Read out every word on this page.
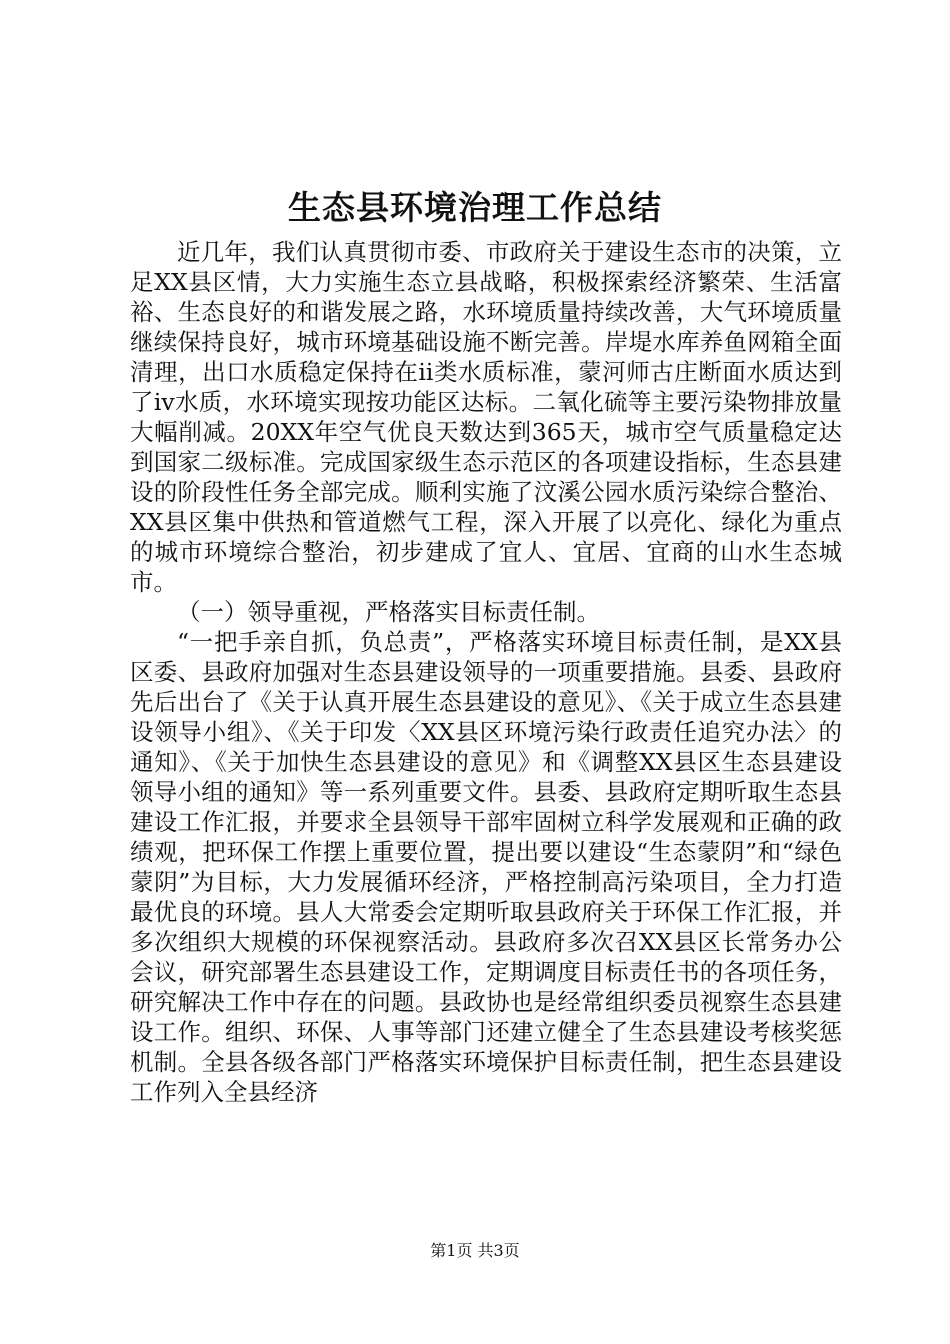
生态县环境治理工作总结

近几年，我们认真贯彻市委、市政府关于建设生态市的决策，立足XX县区情，大力实施生态立县战略，积极探索经济繁荣、生活富裕、生态良好的和谐发展之路，水环境质量持续改善，大气环境质量继续保持良好，城市环境基础设施不断完善。岸堤水库养鱼网箱全面清理，出口水质稳定保持在ii类水质标准，蒙河师古庄断面水质达到了iv水质，水环境实现按功能区达标。二氧化硫等主要污染物排放量大幅削减。20XX年空气优良天数达到365天，城市空气质量稳定达到国家二级标准。完成国家级生态示范区的各项建设指标，生态县建设的阶段性任务全部完成。顺利实施了汶溪公园水质污染综合整治、XX县区集中供热和管道燃气工程，深入开展了以亮化、绿化为重点的城市环境综合整治，初步建成了宜人、宜居、宜商的山水生态城市。

（一）领导重视，严格落实目标责任制。

“一把手亲自抓，负总责”，严格落实环境目标责任制，是XX县区委、县政府加强对生态县建设领导的一项重要措施。县委、县政府先后出台了《关于认真开展生态县建设的意见》、《关于成立生态县建设领导小组》、《关于印发〈XX县区环境污染行政责任追究办法〉的通知》、《关于加快生态县建设的意见》和《调整XX县区生态县建设领导小组的通知》等一系列重要文件。县委、县政府定期听取生态县建设工作汇报，并要求全县领导干部牢固树立科学发展观和正确的政绩观，把环保工作摆上重要位置，提出要以建设“生态蒙阴”和“绿色蒙阴”为目标，大力发展循环经济，严格控制高污染项目，全力打造最优良的环境。县人大常委会定期听取县政府关于环保工作汇报，并多次组织大规模的环保视察活动。县政府多次召XX县区长常务办公会议，研究部署生态县建设工作，定期调度目标责任书的各项任务，研究解决工作中存在的问题。县政协也是经常组织委员视察生态县建设工作。组织、环保、人事等部门还建立健全了生态县建设考核奖惩机制。全县各级各部门严格落实环境保护目标责任制，把生态县建设工作列入全县经济

第1页 共3页
